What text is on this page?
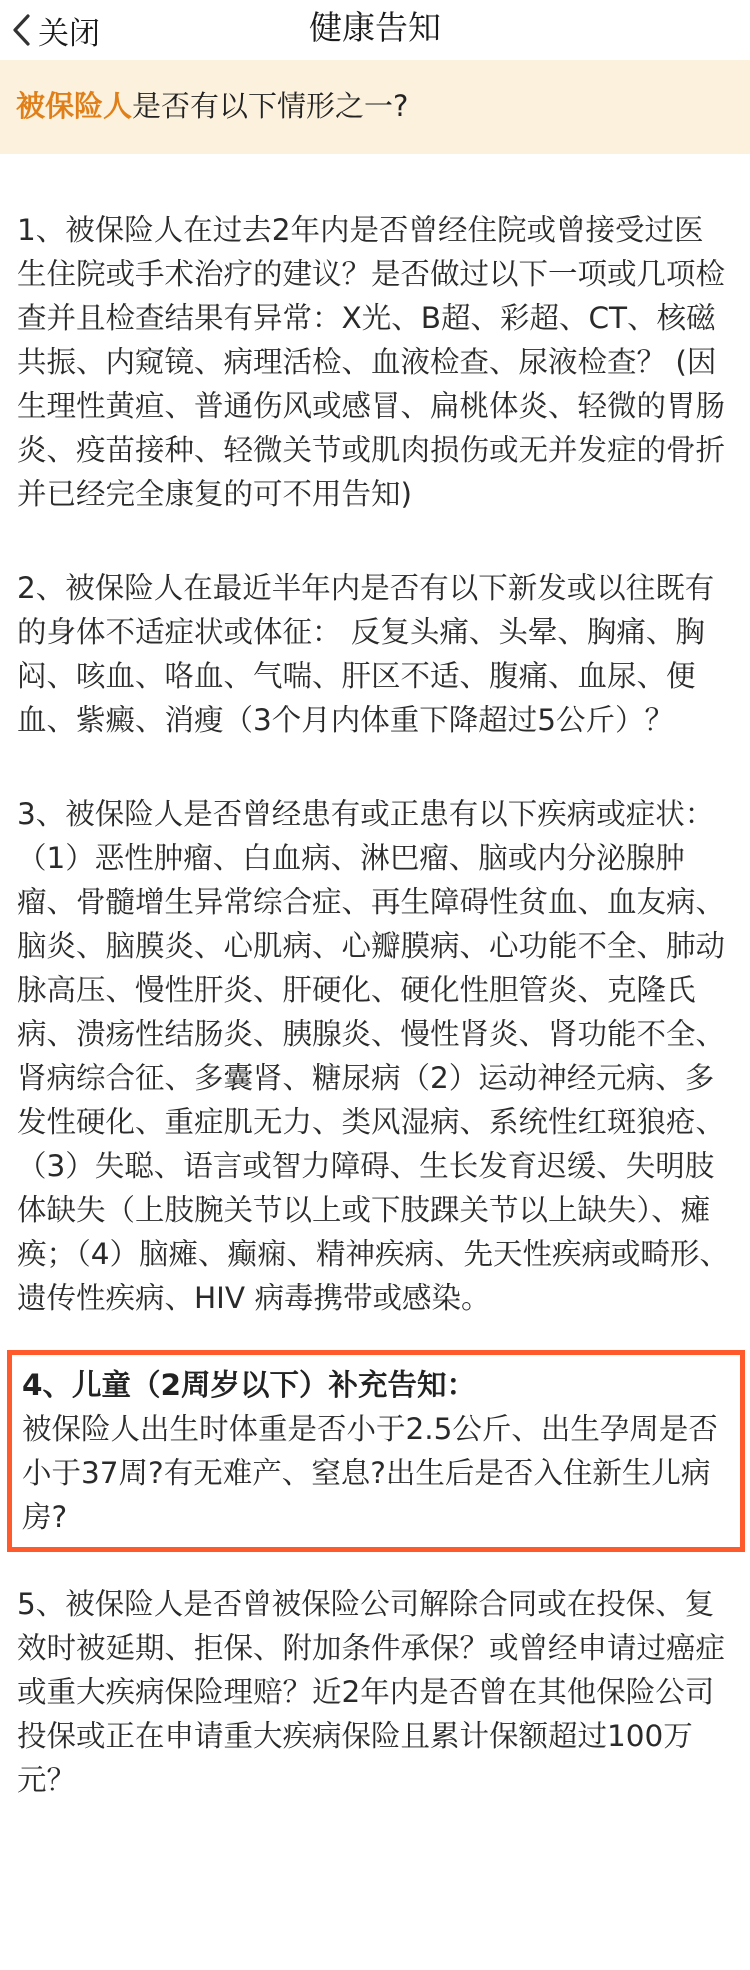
关闭	健康告知
被保险人是否有以下情形之一?

1、被保险人在过去2年内是否曾经住院或曾接受过医生住院或手术治疗的建议？是否做过以下一项或几项检查并且检查结果有异常：X光、B超、彩超、CT、核磁共振、内窥镜、病理活检、血液检查、尿液检查？ (因生理性黄疸、普通伤风或感冒、扁桃体炎、轻微的胃肠炎、疫苗接种、轻微关节或肌肉损伤或无并发症的骨折并已经完全康复的可不用告知)

2、被保险人在最近半年内是否有以下新发或以往既有的身体不适症状或体征： 反复头痛、头晕、胸痛、胸闷、咳血、咯血、气喘、肝区不适、腹痛、血尿、便血、紫癜、消瘦（3个月内体重下降超过5公斤）？

3、被保险人是否曾经患有或正患有以下疾病或症状：（1）恶性肿瘤、白血病、淋巴瘤、脑或内分泌腺肿瘤、骨髓增生异常综合症、再生障碍性贫血、血友病、脑炎、脑膜炎、心肌病、心瓣膜病、心功能不全、肺动脉高压、慢性肝炎、肝硬化、硬化性胆管炎、克隆氏病、溃疡性结肠炎、胰腺炎、慢性肾炎、肾功能不全、肾病综合征、多囊肾、糖尿病（2）运动神经元病、多发性硬化、重症肌无力、类风湿病、系统性红斑狼疮、（3）失聪、语言或智力障碍、生长发育迟缓、失明肢体缺失（上肢腕关节以上或下肢踝关节以上缺失）、瘫痪；（4）脑瘫、癫痫、精神疾病、先天性疾病或畸形、遗传性疾病、HIV 病毒携带或感染。

4、儿童（2周岁以下）补充告知：
被保险人出生时体重是否小于2.5公斤、出生孕周是否小于37周?有无难产、窒息?出生后是否入住新生儿病房?

5、被保险人是否曾被保险公司解除合同或在投保、复效时被延期、拒保、附加条件承保？或曾经申请过癌症或重大疾病保险理赔？近2年内是否曾在其他保险公司投保或正在申请重大疾病保险且累计保额超过100万元？
